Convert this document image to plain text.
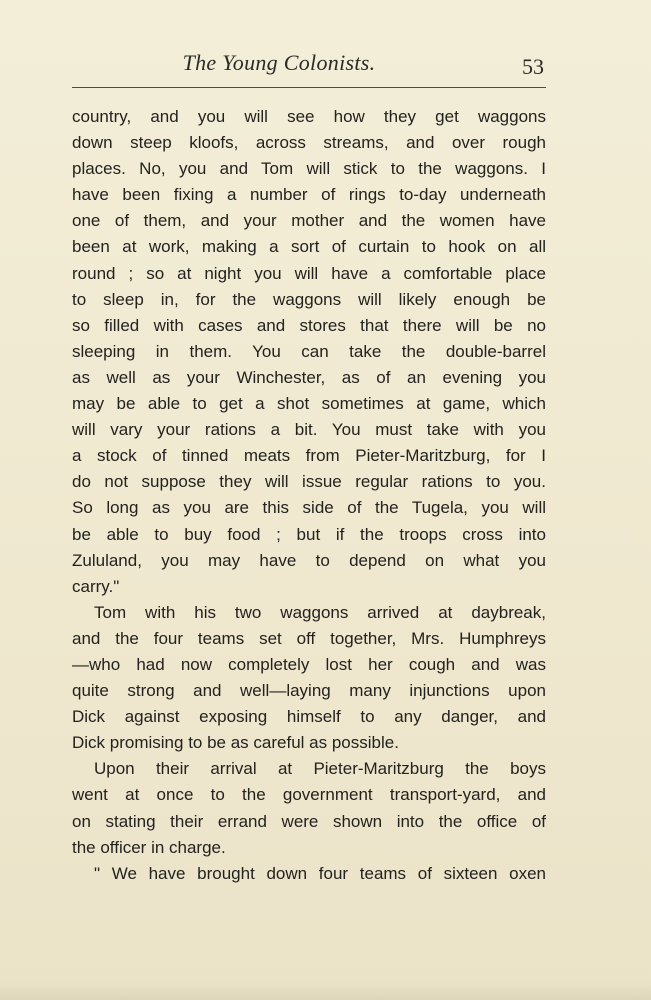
The Young Colonists.	53
country, and you will see how they get waggons
down steep kloofs, across streams, and over rough
places. No, you and Tom will stick to the waggons. I
have been fixing a number of rings to-day underneath
one of them, and your mother and the women have
been at work, making a sort of curtain to hook on all
round ; so at night you will have a comfortable place
to sleep in, for the waggons will likely enough be
so filled with cases and stores that there will be no
sleeping in them. You can take the double-barrel
as well as your Winchester, as of an evening you
may be able to get a shot sometimes at game, which
will vary your rations a bit. You must take with you
a stock of tinned meats from Pieter-Maritzburg, for I
do not suppose they will issue regular rations to you.
So long as you are this side of the Tugela, you will
be able to buy food ; but if the troops cross into
Zululand, you may have to depend on what you
carry."
Tom with his two waggons arrived at daybreak,
and the four teams set off together, Mrs. Humphreys
—who had now completely lost her cough and was
quite strong and well—laying many injunctions upon
Dick against exposing himself to any danger, and
Dick promising to be as careful as possible.
Upon their arrival at Pieter-Maritzburg the boys
went at once to the government transport-yard, and
on stating their errand were shown into the office of
the officer in charge.
" We have brought down four teams of sixteen oxen
